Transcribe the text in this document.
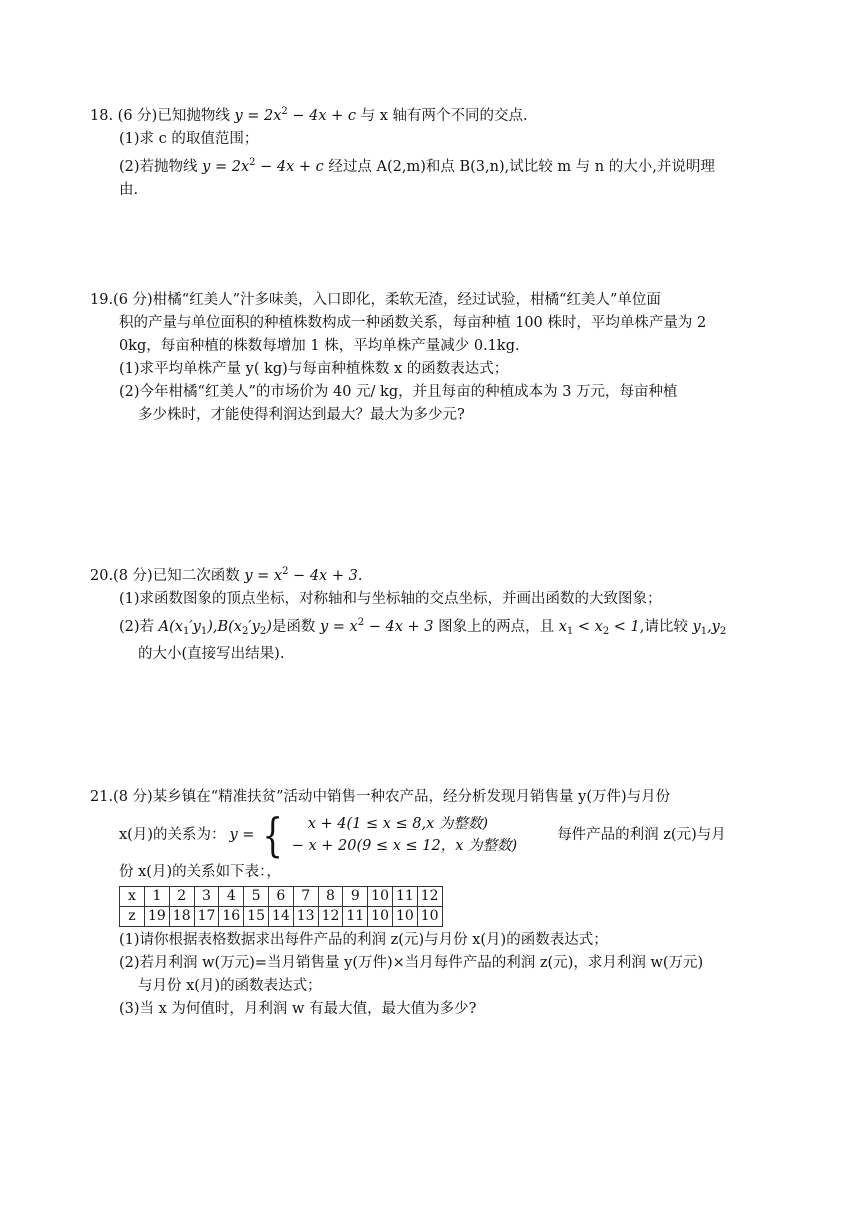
18. (6 分)已知抛物线 $y = 2x^2 - 4x + c$ 与 x 轴有两个不同的交点.
(1)求 c 的取值范围；
(2)若抛物线 $y = 2x^2 - 4x + c$ 经过点 A(2,m)和点 B(3,n),试比较 m 与 n 的大小,并说明理
由.
19.(6 分)柑橘“红美人”汁多味美，入口即化，柔软无渣，经过试验，柑橘“红美人”单位面
积的产量与单位面积的种植株数构成一种函数关系，每亩种植 100 株时，平均单株产量为 2
0kg，每亩种植的株数每增加 1 株，平均单株产量减少 0.1kg.
(1)求平均单株产量 y( kg)与每亩种植株数 x 的函数表达式；
(2)今年柑橘“红美人”的市场价为 40 元/ kg，并且每亩的种植成本为 3 万元，每亩种植
多少株时，才能使得利润达到最大？最大为多少元?
20.(8 分)已知二次函数 $y = x^2 - 4x + 3$.
(1)求函数图象的顶点坐标，对称轴和与坐标轴的交点坐标，并画出函数的大致图象；
(2)若 $A(x_1'y_1),B(x_2'y_2)$是函数 $y = x^2 - 4x + 3$ 图象上的两点，且 $x_1 < x_2 < 1$,请比较 $y_1,y_2$
的大小(直接写出结果).
21.(8 分)某乡镇在“精准扶贫”活动中销售一种农产品，经分析发现月销售量 y(万件)与月份
x(月)的关系为： y = {	x + 4(1 ≤ x ≤ 8,x 为整数)
− x + 20(9 ≤ x ≤ 12，x 为整数)
每件产品的利润 z(元)与月
份 x(月)的关系如下表：，
x	1	2	3	4	5	6	7	8	9	10	11	12
z	19	18	17	16	15	14	13	12	11	10	10	10
(1)请你根据表格数据求出每件产品的利润 z(元)与月份 x(月)的函数表达式；
(2)若月利润 w(万元)=当月销售量 y(万件)×当月每件产品的利润 z(元)，求月利润 w(万元)
与月份 x(月)的函数表达式；
(3)当 x 为何值时，月利润 w 有最大值，最大值为多少?
